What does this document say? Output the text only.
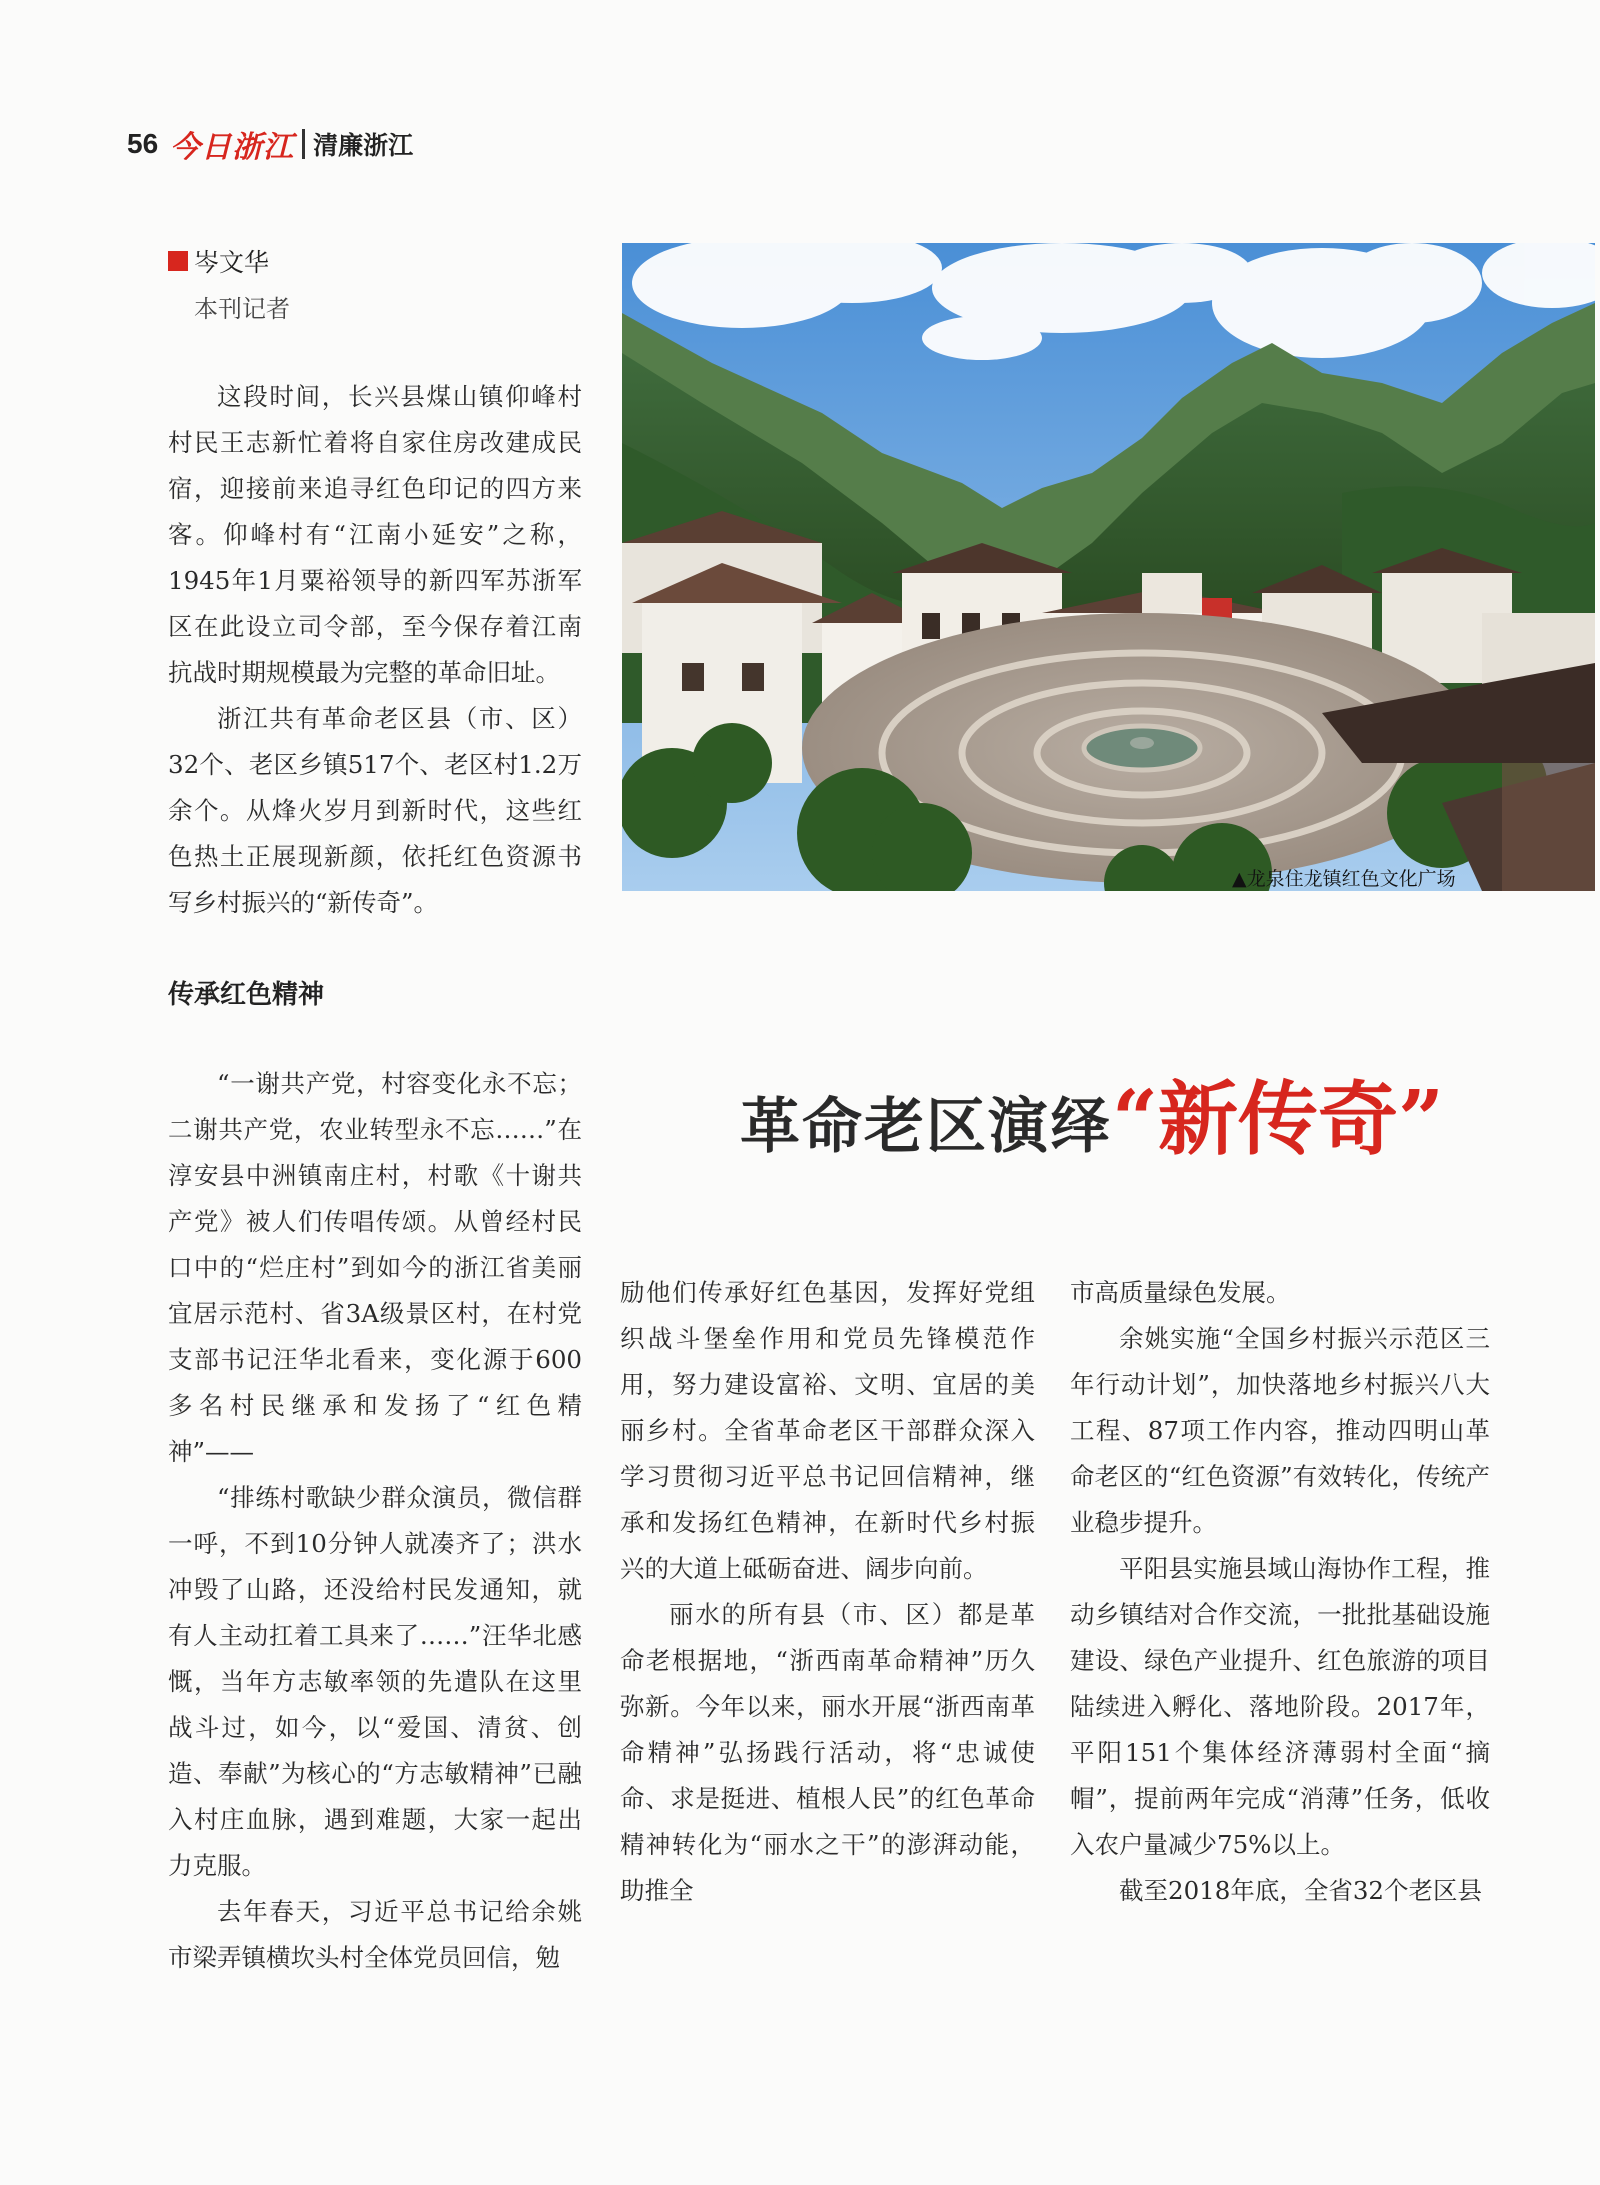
56 今日浙江 清廉浙江
岑文华
本刊记者

这段时间，长兴县煤山镇仰峰村村民王志新忙着将自家住房改建成民宿，迎接前来追寻红色印记的四方来客。仰峰村有“江南小延安”之称，1945年1月粟裕领导的新四军苏浙军区在此设立司令部，至今保存着江南抗战时期规模最为完整的革命旧址。

浙江共有革命老区县（市、区）32个、老区乡镇517个、老区村1.2万余个。从烽火岁月到新时代，这些红色热土正展现新颜，依托红色资源书写乡村振兴的“新传奇”。

传承红色精神

“一谢共产党，村容变化永不忘；二谢共产党，农业转型永不忘……”在淳安县中洲镇南庄村，村歌《十谢共产党》被人们传唱传颂。从曾经村民口中的“烂庄村”到如今的浙江省美丽宜居示范村、省3A级景区村，在村党支部书记汪华北看来，变化源于600多名村民继承和发扬了“红色精神”——

“排练村歌缺少群众演员，微信群一呼，不到10分钟人就凑齐了；洪水冲毁了山路，还没给村民发通知，就有人主动扛着工具来了……”汪华北感慨，当年方志敏率领的先遣队在这里战斗过，如今，以“爱国、清贫、创造、奉献”为核心的“方志敏精神”已融入村庄血脉，遇到难题，大家一起出力克服。

去年春天，习近平总书记给余姚市梁弄镇横坎头村全体党员回信，勉

▲龙泉住龙镇红色文化广场
革命老区演绎“新传奇”

励他们传承好红色基因，发挥好党组织战斗堡垒作用和党员先锋模范作用，努力建设富裕、文明、宜居的美丽乡村。全省革命老区干部群众深入学习贯彻习近平总书记回信精神，继承和发扬红色精神，在新时代乡村振兴的大道上砥砺奋进、阔步向前。

丽水的所有县（市、区）都是革命老根据地，“浙西南革命精神”历久弥新。今年以来，丽水开展“浙西南革命精神”弘扬践行活动，将“忠诚使命、求是挺进、植根人民”的红色革命精神转化为“丽水之干”的澎湃动能，助推全

市高质量绿色发展。

余姚实施“全国乡村振兴示范区三年行动计划”，加快落地乡村振兴八大工程、87项工作内容，推动四明山革命老区的“红色资源”有效转化，传统产业稳步提升。

平阳县实施县域山海协作工程，推动乡镇结对合作交流，一批批基础设施建设、绿色产业提升、红色旅游的项目陆续进入孵化、落地阶段。2017年，平阳151个集体经济薄弱村全面“摘帽”，提前两年完成“消薄”任务，低收入农户量减少75%以上。

截至2018年底，全省32个老区县
